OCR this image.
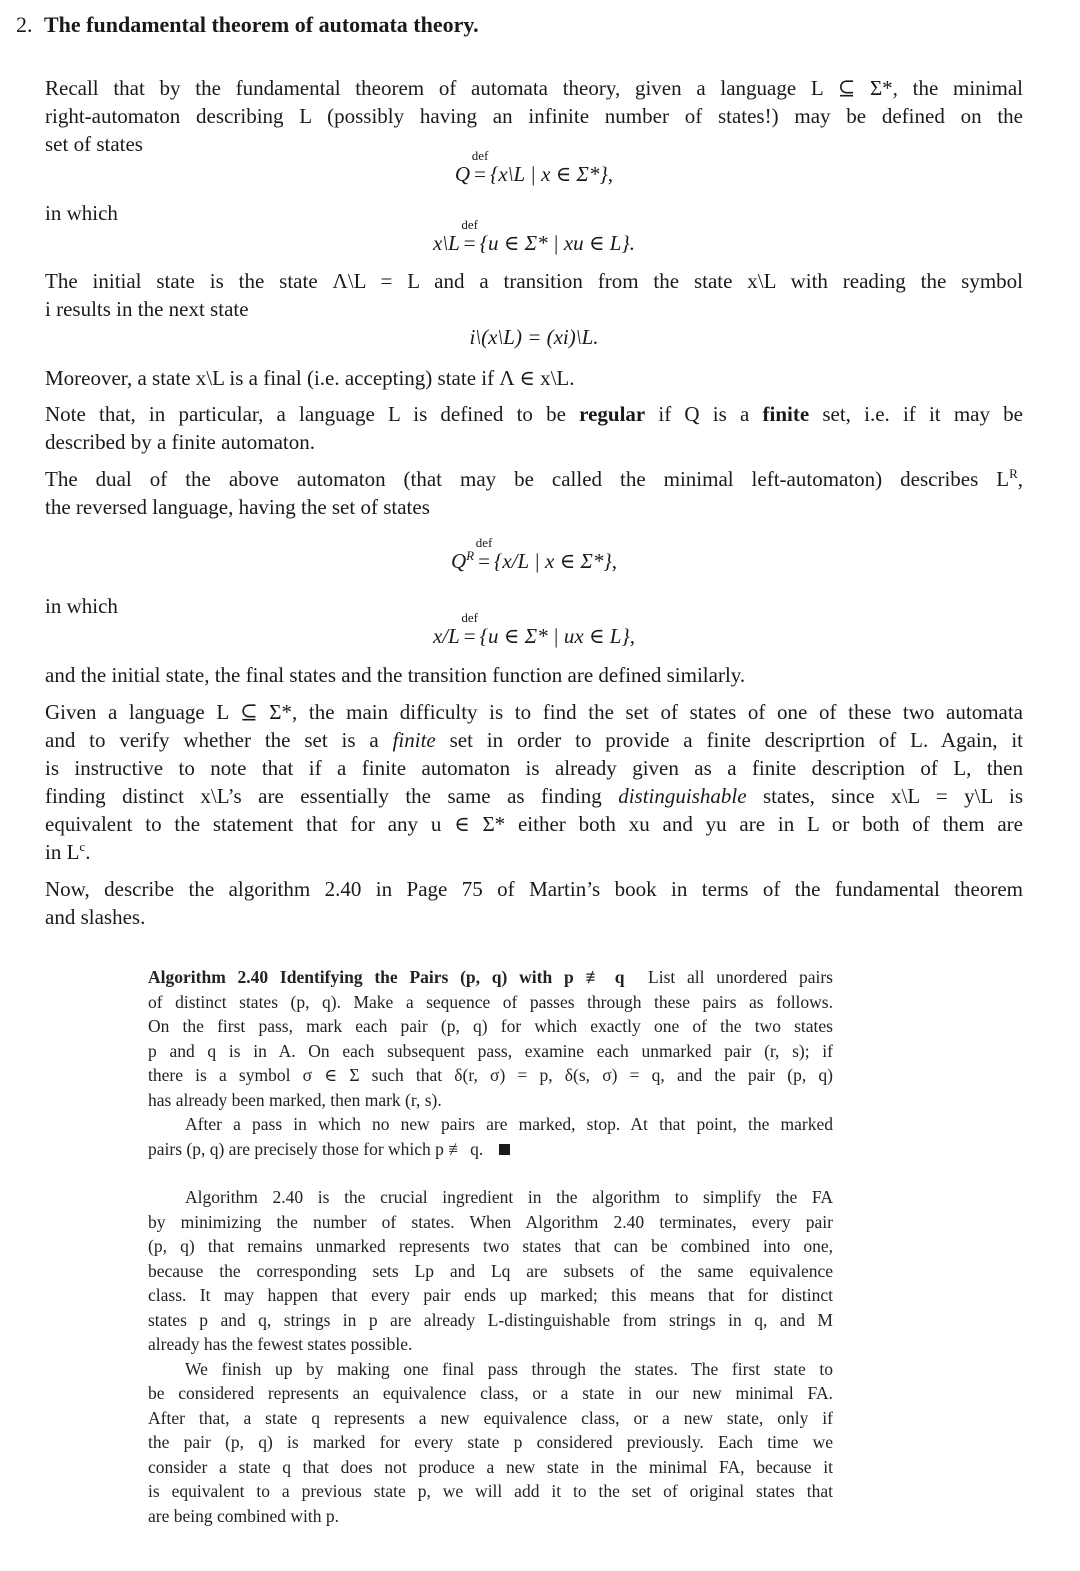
2. The fundamental theorem of automata theory.
Recall that by the fundamental theorem of automata theory, given a language L ⊆ Σ*, the minimal
right-automaton describing L (possibly having an infinite number of states!) may be defined on the
set of states
Q
def
= {x\L | x ∈ Σ*},
in which
x\L
def
= {u ∈ Σ* | xu ∈ L}.
The initial state is the state Λ\L = L and a transition from the state x\L with reading the symbol
i results in the next state
i\(x\L) = (xi)\L.
Moreover, a state x\L is a final (i.e. accepting) state if Λ ∈ x\L.
Note that, in particular, a language L is defined to be regular if Q is a finite set, i.e. if it may be
described by a finite automaton.
The dual of the above automaton (that may be called the minimal left-automaton) describes $L^R$,
the reversed language, having the set of states
$Q^R$
def
= {x/L | x ∈ Σ*},
in which
x/L
def
= {u ∈ Σ* | ux ∈ L},
and the initial state, the final states and the transition function are defined similarly.
Given a language L ⊆ Σ*, the main difficulty is to find the set of states of one of these two automata
and to verify whether the set is a finite set in order to provide a finite descriprtion of L. Again, it
is instructive to note that if a finite automaton is already given as a finite description of L, then
finding distinct x\L’s are essentially the same as finding distinguishable states, since x\L = y\L is
equivalent to the statement that for any u ∈ Σ* either both xu and yu are in L or both of them are
in $L^c$.
Now, describe the algorithm 2.40 in Page 75 of Martin’s book in terms of the fundamental theorem
and slashes.
Algorithm 2.40 Identifying the Pairs (p, q) with p ≢ q List all unordered pairs
of distinct states (p, q). Make a sequence of passes through these pairs as follows.
On the first pass, mark each pair (p, q) for which exactly one of the two states
p and q is in A. On each subsequent pass, examine each unmarked pair (r, s); if
there is a symbol σ ∈ Σ such that δ(r, σ) = p, δ(s, σ) = q, and the pair (p, q)
has already been marked, then mark (r, s).
After a pass in which no new pairs are marked, stop. At that point, the marked
pairs (p, q) are precisely those for which p ≢ q.
Algorithm 2.40 is the crucial ingredient in the algorithm to simplify the FA
by minimizing the number of states. When Algorithm 2.40 terminates, every pair
(p, q) that remains unmarked represents two states that can be combined into one,
because the corresponding sets Lp and Lq are subsets of the same equivalence
class. It may happen that every pair ends up marked; this means that for distinct
states p and q, strings in p are already L-distinguishable from strings in q, and M
already has the fewest states possible.
We finish up by making one final pass through the states. The first state to
be considered represents an equivalence class, or a state in our new minimal FA.
After that, a state q represents a new equivalence class, or a new state, only if
the pair (p, q) is marked for every state p considered previously. Each time we
consider a state q that does not produce a new state in the minimal FA, because it
is equivalent to a previous state p, we will add it to the set of original states that
are being combined with p.
